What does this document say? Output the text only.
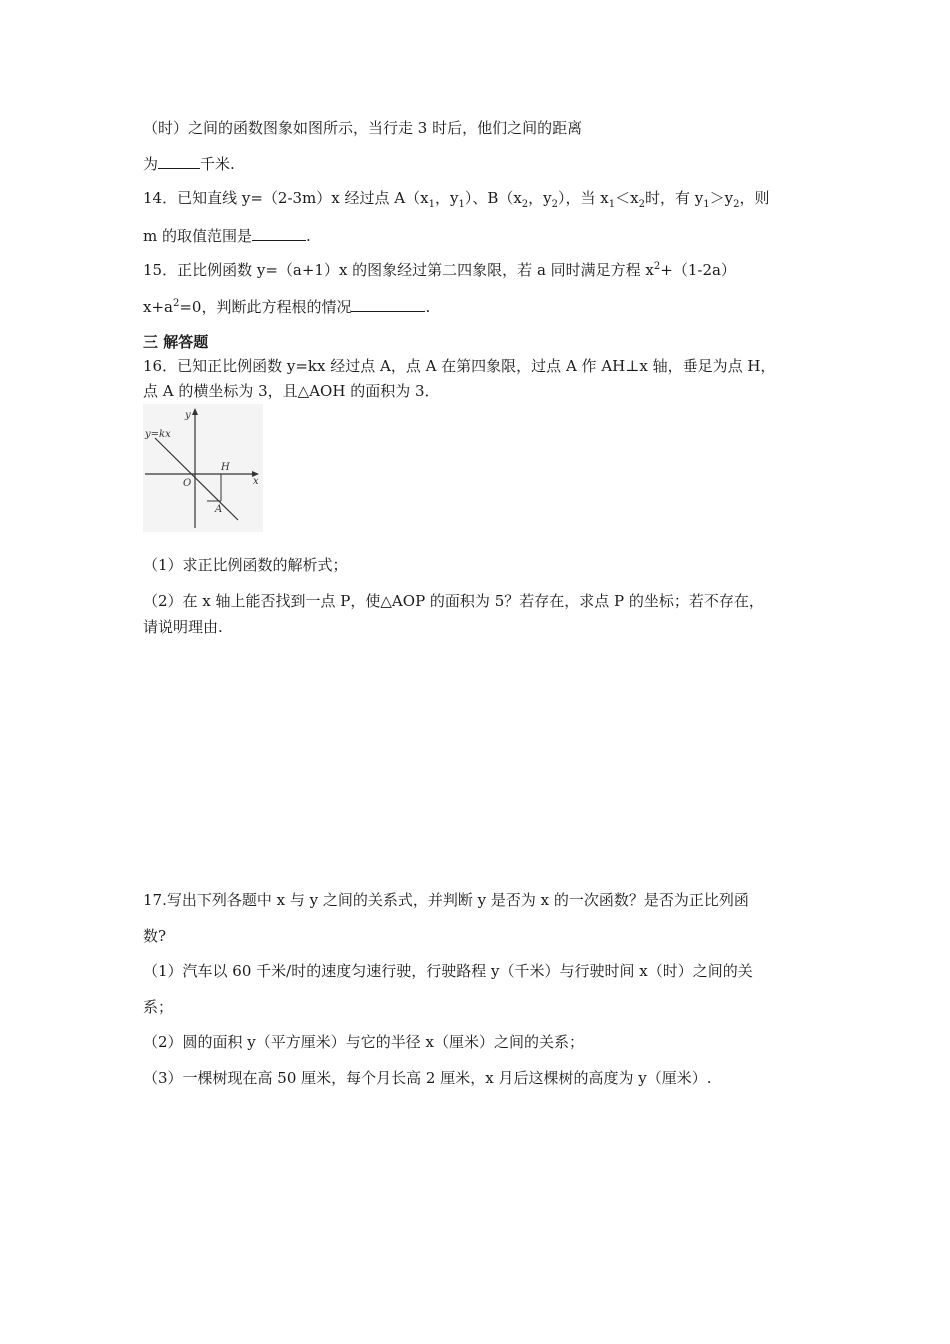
（时）之间的函数图象如图所示，当行走 3 时后，他们之间的距离
为	千米.
14．已知直线 y=（2-3m）x 经过点 $A(x_1$，$y_1$）、$B(x_2$，$y_2$），当 $x_1<x_2$时，有 $y_1>y_2$，则
m 的取值范围是	.
15．正比例函数 y=（a+1）x 的图象经过第二四象限，若 a 同时满足方程 $x^2+(1-2a)$
$x+a^2=0$，判断此方程根的情况	.
三 解答题
16．已知正比例函数 y=kx 经过点 A，点 A 在第四象限，过点 A 作 AH⊥x 轴，垂足为点 H，
点 A 的横坐标为 3，且△AOH 的面积为 3．
y
y=kx
H
O	x
A
（1）求正比例函数的解析式；
（2）在 x 轴上能否找到一点 P，使△AOP 的面积为 5？若存在，求点 P 的坐标；若不存在，
请说明理由.
17.写出下列各题中 x 与 y 之间的关系式，并判断 y 是否为 x 的一次函数？是否为正比列函
数?
（1）汽车以 60 千米/时的速度匀速行驶，行驶路程 y（千米）与行驶时间 x（时）之间的关
系；
（2）圆的面积 y（平方厘米）与它的半径 x（厘米）之间的关系；
（3）一棵树现在高 50 厘米，每个月长高 2 厘米，x 月后这棵树的高度为 y（厘米）.
